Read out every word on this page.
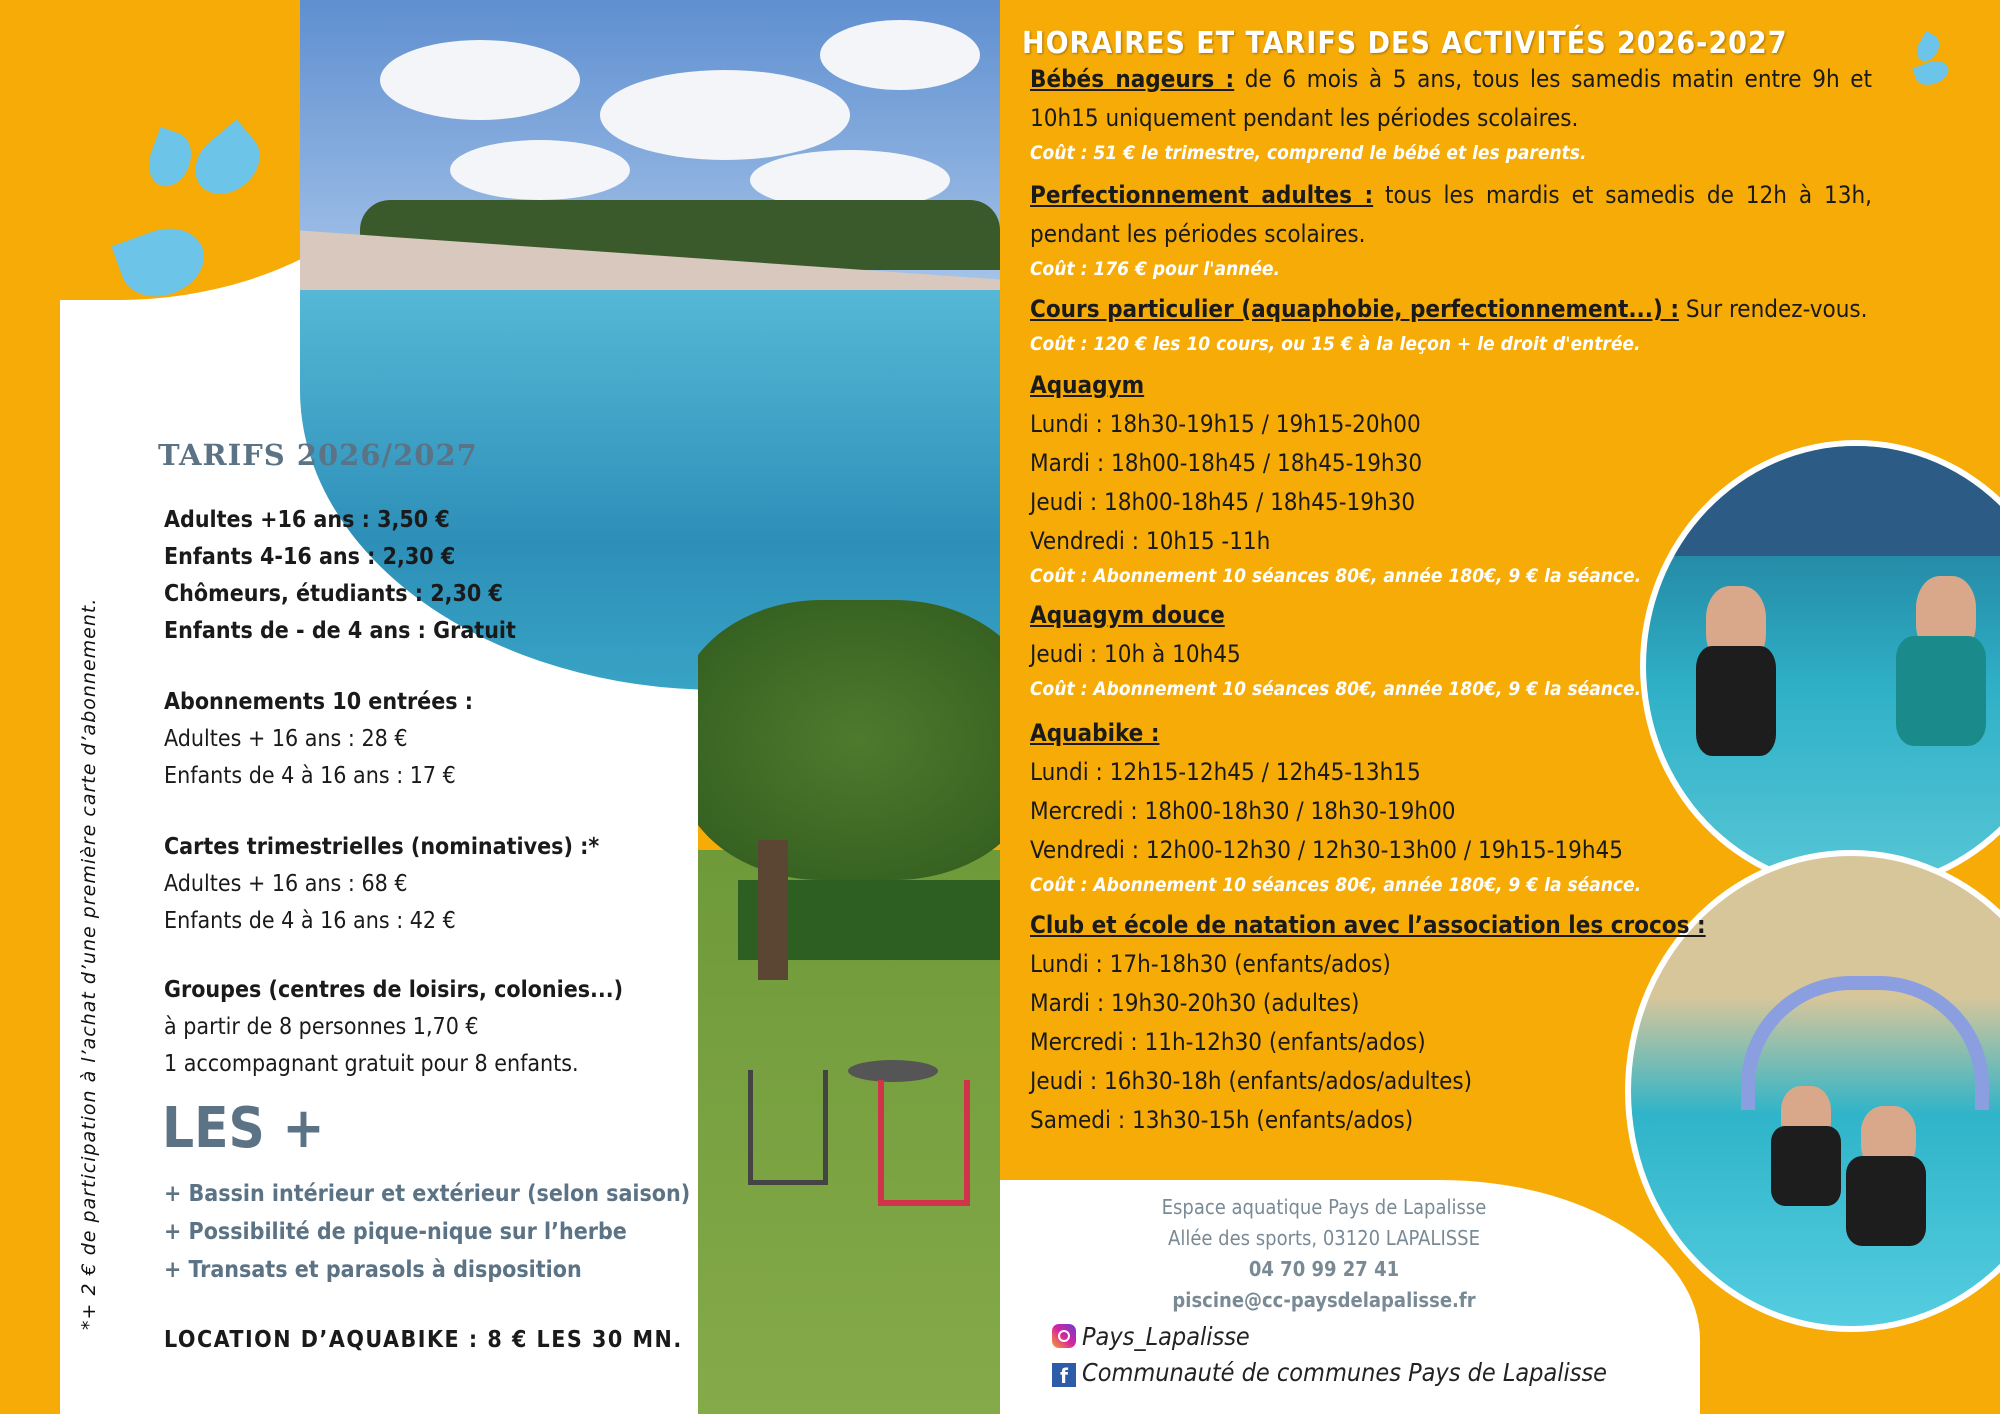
*+ 2 € de participation à l’achat d’une première carte d’abonnement.
TARIFS 2026/2027
Adultes +16 ans : 3,50 €
Enfants 4-16 ans : 2,30 €
Chômeurs, étudiants : 2,30 €
Enfants de - de 4 ans : Gratuit
Abonnements 10 entrées :
Adultes + 16 ans : 28 €
Enfants de 4 à 16 ans : 17 €
Cartes trimestrielles (nominatives) :*
Adultes + 16 ans : 68 €
Enfants de 4 à 16 ans : 42 €
Groupes (centres de loisirs, colonies...)
à partir de 8 personnes 1,70 €
1 accompagnant gratuit pour 8 enfants.
LES +
+ Bassin intérieur et extérieur (selon saison)
+ Possibilité de pique-nique sur l’herbe
+ Transats et parasols à disposition
LOCATION D’AQUABIKE : 8 € LES 30 MN.
HORAIRES ET TARIFS DES ACTIVITÉS 2026-2027
Bébés nageurs : de 6 mois à 5 ans, tous les samedis matin entre 9h et 10h15 uniquement pendant les périodes scolaires.
Coût : 51 € le trimestre, comprend le bébé et les parents.
Perfectionnement adultes : tous les mardis et samedis de 12h à 13h, pendant les périodes scolaires.
Coût : 176 € pour l'année.
Cours particulier (aquaphobie, perfectionnement...) : Sur rendez-vous.
Coût : 120 € les 10 cours, ou 15 € à la leçon + le droit d'entrée.
Aquagym
Lundi : 18h30-19h15 / 19h15-20h00
Mardi : 18h00-18h45 / 18h45-19h30
Jeudi : 18h00-18h45 / 18h45-19h30
Vendredi : 10h15 -11h
Coût : Abonnement 10 séances 80€, année 180€, 9 € la séance.
Aquagym douce
Jeudi : 10h à 10h45
Coût : Abonnement 10 séances 80€, année 180€, 9 € la séance.
Aquabike :
Lundi : 12h15-12h45 / 12h45-13h15
Mercredi : 18h00-18h30 / 18h30-19h00
Vendredi : 12h00-12h30 / 12h30-13h00 / 19h15-19h45
Coût : Abonnement 10 séances 80€, année 180€, 9 € la séance.
Club et école de natation avec l’association les crocos :
Lundi : 17h-18h30 (enfants/ados)
Mardi : 19h30-20h30 (adultes)
Mercredi : 11h-12h30 (enfants/ados)
Jeudi : 16h30-18h (enfants/ados/adultes)
Samedi : 13h30-15h (enfants/ados)
Espace aquatique Pays de Lapalisse
Allée des sports, 03120 LAPALISSE
04 70 99 27 41
piscine@cc-paysdelapalisse.fr
Pays_Lapalisse
f Communauté de communes Pays de Lapalisse
